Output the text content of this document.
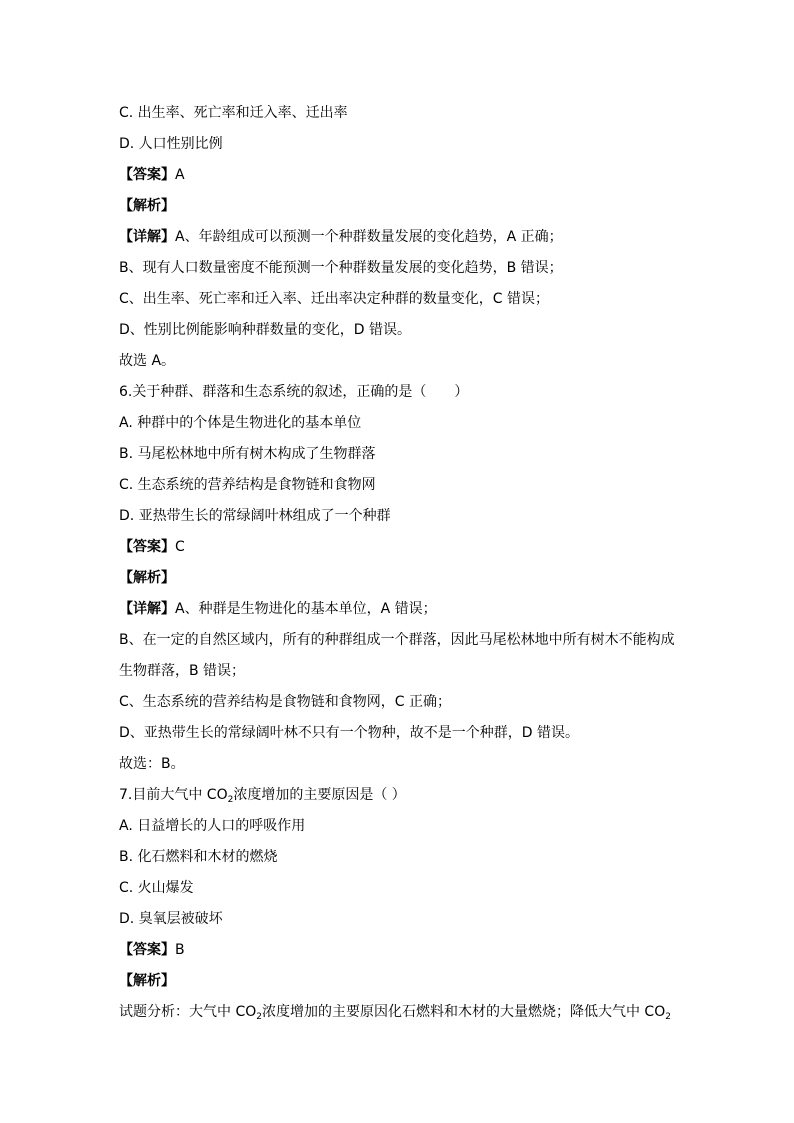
C. 出生率、死亡率和迁入率、迁出率
D. 人口性别比例
【答案】A
【解析】
【详解】A、年龄组成可以预测一个种群数量发展的变化趋势，A 正确；
B、现有人口数量密度不能预测一个种群数量发展的变化趋势，B 错误；
C、出生率、死亡率和迁入率、迁出率决定种群的数量变化，C 错误；
D、性别比例能影响种群数量的变化，D 错误。
故选 A。
6.关于种群、群落和生态系统的叙述，正确的是（　　）
A. 种群中的个体是生物进化的基本单位
B. 马尾松林地中所有树木构成了生物群落
C. 生态系统的营养结构是食物链和食物网
D. 亚热带生长的常绿阔叶林组成了一个种群
【答案】C
【解析】
【详解】A、种群是生物进化的基本单位，A 错误；
B、在一定的自然区域内，所有的种群组成一个群落，因此马尾松林地中所有树木不能构成
生物群落，B 错误；
C、生态系统的营养结构是食物链和食物网，C 正确；
D、亚热带生长的常绿阔叶林不只有一个物种，故不是一个种群，D 错误。
故选：B。
7.目前大气中 $CO_2$浓度增加的主要原因是（ ）
A. 日益增长的人口的呼吸作用
B. 化石燃料和木材的燃烧
C. 火山爆发
D. 臭氧层被破坏
【答案】B
【解析】
试题分析：大气中 $CO_2$浓度增加的主要原因化石燃料和木材的大量燃烧；降低大气中 $CO_2$
